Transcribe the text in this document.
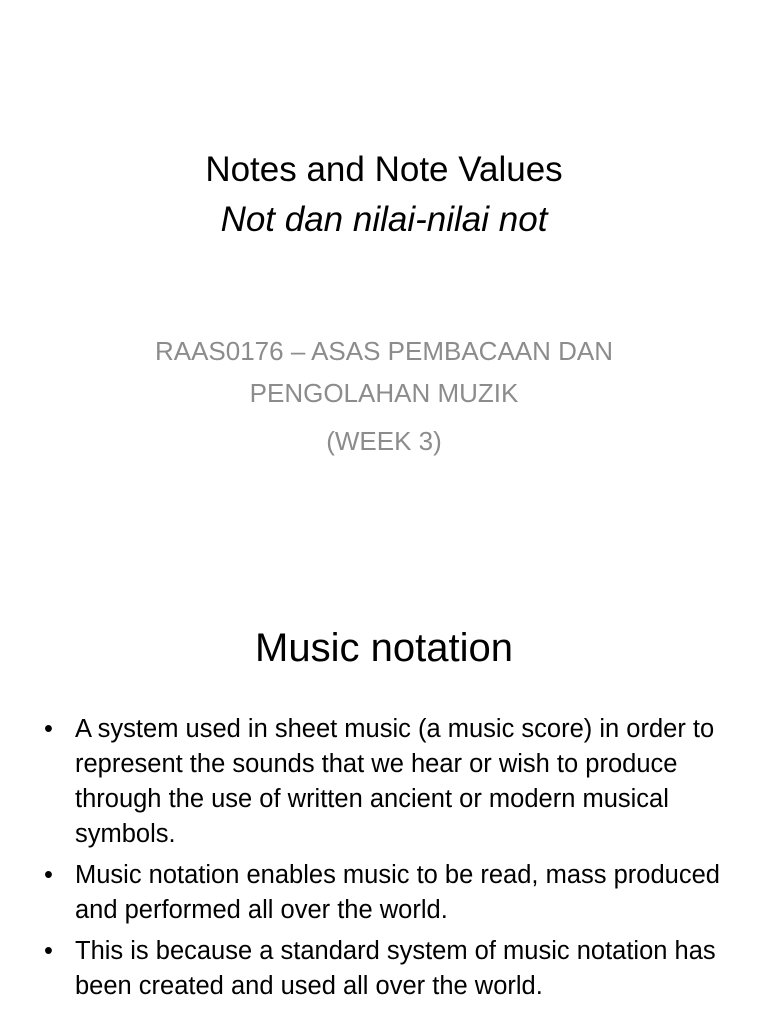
Notes and Note Values
Not dan nilai-nilai not
RAAS0176 – ASAS PEMBACAAN DAN
PENGOLAHAN MUZIK
(WEEK 3)
Music notation
• A system used in sheet music (a music score) in order to represent the sounds that we hear or wish to produce through the use of written ancient or modern musical symbols.
• Music notation enables music to be read, mass produced and performed all over the world.
• This is because a standard system of music notation has been created and used all over the world.
